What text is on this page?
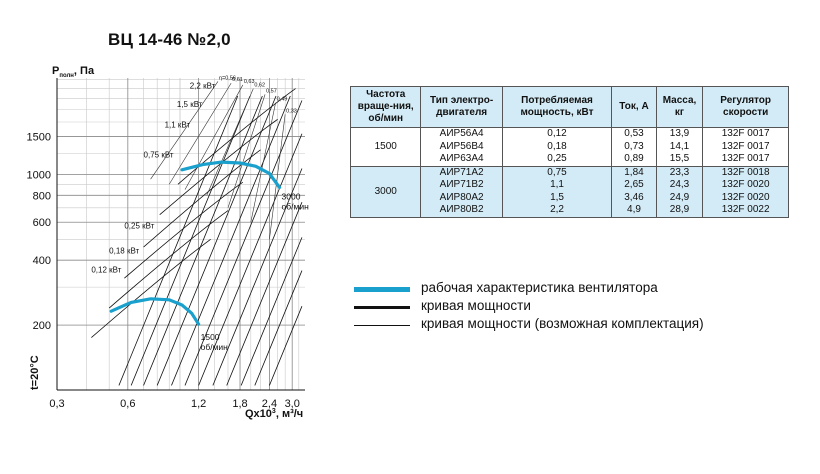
ВЦ 14-46 №2,0
0,3	0,6	1,2 1,8 2,4 3,0
200
400
600
800
1000
1500
$P_{полн}$, Па
$Qx10^3$, м³/ч
t=20°C
η=0,56
0,61 0,63
0,62
0,57
0,49
0,33
0,12 кВт
0,18 кВт
0,25 кВт
0,75 кВт
1,1 кВт
1,5 кВт
2,2 кВт
1500
об/мин
3000
об/мин
Частота враще-ния, об/мин	Тип электро-двигателя	Потребляемая мощность, кВт	Ток, А	Масса, кг	Регулятор скорости
1500	АИР56А4	0,12	0,53	13,9	132F 0017
	АИР56В4	0,18	0,73	14,1	132F 0017
	АИР63А4	0,25	0,89	15,5	132F 0017
3000	АИР71А2	0,75	1,84	23,3	132F 0018
	АИР71В2	1,1	2,65	24,3	132F 0020
	АИР80А2	1,5	3,46	24,9	132F 0020
	АИР80В2	2,2	4,9	28,9	132F 0022
рабочая характеристика вентилятора
кривая мощности
кривая мощности (возможная комплектация)
